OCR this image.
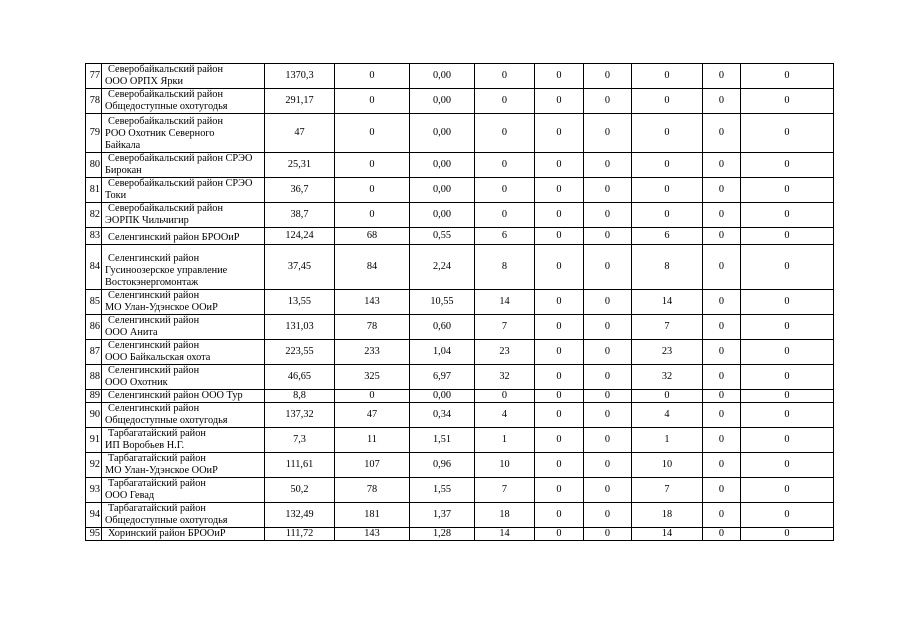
77	Северобайкальский район
ООО ОРПХ Ярки	1370,3	0	0,00	0	0	0	0	0	0
78	Северобайкальский район
Общедоступные охотугодья	291,17	0	0,00	0	0	0	0	0	0
79	Северобайкальский район
РОО Охотник Северного
Байкала	47	0	0,00	0	0	0	0	0	0
80	Северобайкальский район СРЭО
Бирокан	25,31	0	0,00	0	0	0	0	0	0
81	Северобайкальский район СРЭО
Токи	36,7	0	0,00	0	0	0	0	0	0
82	Северобайкальский район
ЭОРПК Чильчигир	38,7	0	0,00	0	0	0	0	0	0
83	Селенгинский район БРООиР	124,24	68	0,55	6	0	0	6	0	0
84	Селенгинский район
Гусиноозерское управление
Востокэнергомонтаж	37,45	84	2,24	8	0	0	8	0	0
85	Селенгинский район
МО Улан-Удэнское ООиР	13,55	143	10,55	14	0	0	14	0	0
86	Селенгинский район
ООО Анита	131,03	78	0,60	7	0	0	7	0	0
87	Селенгинский район
ООО Байкальская охота	223,55	233	1,04	23	0	0	23	0	0
88	Селенгинский район
ООО Охотник	46,65	325	6,97	32	0	0	32	0	0
89	Селенгинский район ООО Тур	8,8	0	0,00	0	0	0	0	0	0
90	Селенгинский район
Общедоступные охотугодья	137,32	47	0,34	4	0	0	4	0	0
91	Тарбагатайский район
ИП Воробьев Н.Г.	7,3	11	1,51	1	0	0	1	0	0
92	Тарбагатайский район
МО Улан-Удэнское ООиР	111,61	107	0,96	10	0	0	10	0	0
93	Тарбагатайский район
ООО Гевад	50,2	78	1,55	7	0	0	7	0	0
94	Тарбагатайский район
Общедоступные охотугодья	132,49	181	1,37	18	0	0	18	0	0
95	Хоринский район БРООиР	111,72	143	1,28	14	0	0	14	0	0
